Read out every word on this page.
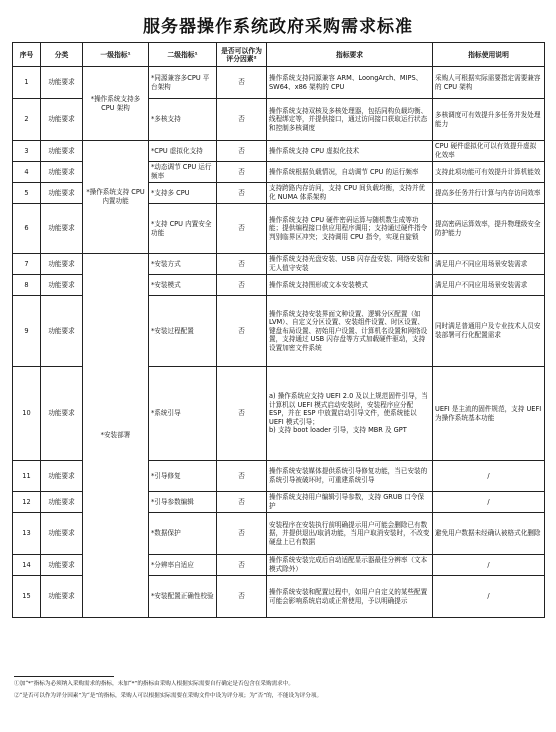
服务器操作系统政府采购需求标准
序号	分类	一级指标¹	二级指标¹	是否可以作为评分因素²	指标要求	指标使用说明
1	功能要求	*操作系统支持多 CPU 架构	*同源兼容多CPU 平台架构	否	操作系统支持同源兼容 ARM、LoongArch、MIPS、SW64、x86 架构的 CPU	采购人可根据实际需要指定需要兼容的 CPU 架构
2	功能要求		*多核支持	否	操作系统支持双核及多核处理器，包括同构负载均衡、线程绑定等，并提供接口，通过访问接口获取运行状态和控制多核调度	多核调度可有效提升多任务并发处理能力
3	功能要求	*操作系统支持 CPU 内置功能	*CPU 虚拟化支持	否	操作系统支持 CPU 虚拟化技术	CPU 硬件虚拟化可以有效提升虚拟化效率
4	功能要求		*动态调节 CPU 运行频率	否	操作系统根据负载情况，自动调节 CPU 的运行频率	支持此项功能可有效提升计算机能效
5	功能要求		*支持多 CPU	否	支持跨路内存访问，支持 CPU 间负载均衡，支持并优化 NUMA 体系架构	提高多任务并行计算与内存访问效率
6	功能要求		*支持 CPU 内置安全功能	否	操作系统支持 CPU 硬件密码运算与随机数生成等功能；提供编程接口供应用程序调用；支持通过硬件指令判别临界区冲突；支持调用 CPU 指令，实现自旋锁	提高密码运算效率，提升物理级安全防护能力
7	功能要求	*安装部署	*安装方式	否	操作系统支持光盘安装、USB 闪存盘安装、网络安装和无人值守安装	满足用户不同应用场景安装需求
8	功能要求		*安装模式	否	操作系统支持图形或文本安装模式	满足用户不同应用场景安装需求
9	功能要求		*安装过程配置	否	操作系统支持安装界面文种设置、逻辑分区配置（如 LVM）、自定义分区设置、安装组件设置、时区设置、键盘布局设置、初始用户设置、计算机名设置和网络设置，支持通过 USB 闪存盘等方式加载硬件驱动，支持设置加密文件系统	同时满足普通用户及专业技术人员安装部署可行化配置需求
10	功能要求		*系统引导	否	a) 操作系统应支持 UEFI 2.0 及以上规范固件引导，当计算机以 UEFI 模式启动安装时，安装程序应分配 ESP，并在 ESP 中放置启动引导文件，使系统能以 UEFI 模式引导；
b) 支持 boot loader 引导，支持 MBR 及 GPT	UEFI 是主流的固件规范，支持 UEFI 为操作系统基本功能
11	功能要求		*引导修复	否	操作系统安装媒体提供系统引导修复功能，当已安装的系统引导被破坏时，可重建系统引导	/
12	功能要求		*引导参数编辑	否	操作系统支持用户编辑引导参数，支持 GRUB 口令保护	/
13	功能要求		*数据保护	否	安装程序在安装执行前明确提示用户可能会删除已有数据，并提供退出/取消功能，当用户取消安装时，不改变硬盘上已有数据	避免用户数据未经确认被格式化删除
14	功能要求		*分辨率自适应	否	操作系统安装完成后自动适配显示器最佳分辨率（文本模式除外）	/
15	功能要求		*安装配置正确性校验	否	操作系统安装和配置过程中，如用户自定义的某些配置可能会影响系统启动或正常使用，予以明确提示	/
①加“*”指标为必须纳入采购需求的指标，未加“*”的指标由采购人根据实际需要自行确定是否包含在采购需求中。
②“是否可以作为评分因素”为“是”的指标，采购人可以根据实际需要在采购文件中设为评分项；为“否”的，不能设为评分项。
